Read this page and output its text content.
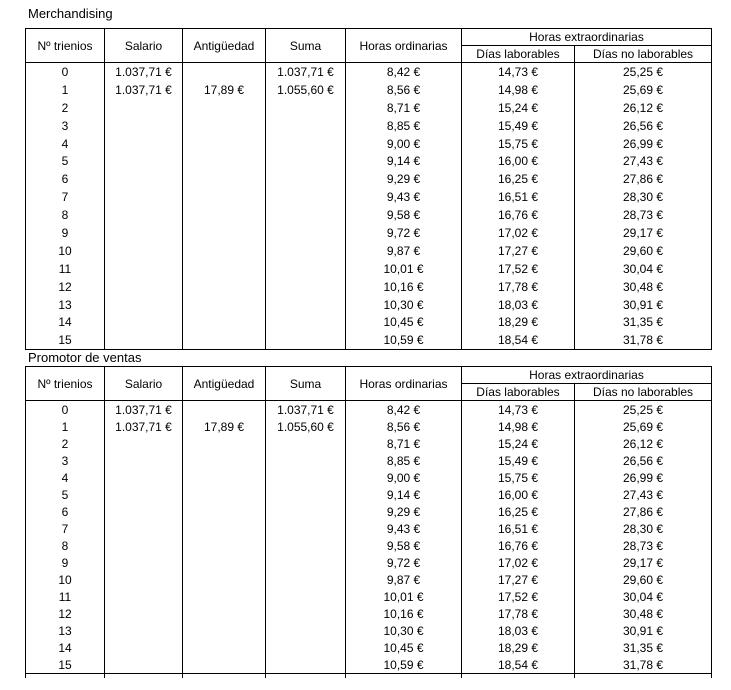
Merchandising
Nº trienios	Salario	Antigüedad	Suma	Horas ordinarias	Horas extraordinarias	
					Días laborables	Días no laborables
0	1.037,71 €		1.037,71 €	8,42 €	14,73 €	25,25 €
1	1.037,71 €	17,89 €	1.055,60 €	8,56 €	14,98 €	25,69 €
2				8,71 €	15,24 €	26,12 €
3				8,85 €	15,49 €	26,56 €
4				9,00 €	15,75 €	26,99 €
5				9,14 €	16,00 €	27,43 €
6				9,29 €	16,25 €	27,86 €
7				9,43 €	16,51 €	28,30 €
8				9,58 €	16,76 €	28,73 €
9				9,72 €	17,02 €	29,17 €
10				9,87 €	17,27 €	29,60 €
11				10,01 €	17,52 €	30,04 €
12				10,16 €	17,78 €	30,48 €
13				10,30 €	18,03 €	30,91 €
14				10,45 €	18,29 €	31,35 €
15				10,59 €	18,54 €	31,78 €
Promotor de ventas
Nº trienios	Salario	Antigüedad	Suma	Horas ordinarias	Horas extraordinarias	
					Días laborables	Días no laborables
0	1.037,71 €		1.037,71 €	8,42 €	14,73 €	25,25 €
1	1.037,71 €	17,89 €	1.055,60 €	8,56 €	14,98 €	25,69 €
2				8,71 €	15,24 €	26,12 €
3				8,85 €	15,49 €	26,56 €
4				9,00 €	15,75 €	26,99 €
5				9,14 €	16,00 €	27,43 €
6				9,29 €	16,25 €	27,86 €
7				9,43 €	16,51 €	28,30 €
8				9,58 €	16,76 €	28,73 €
9				9,72 €	17,02 €	29,17 €
10				9,87 €	17,27 €	29,60 €
11				10,01 €	17,52 €	30,04 €
12				10,16 €	17,78 €	30,48 €
13				10,30 €	18,03 €	30,91 €
14				10,45 €	18,29 €	31,35 €
15				10,59 €	18,54 €	31,78 €
